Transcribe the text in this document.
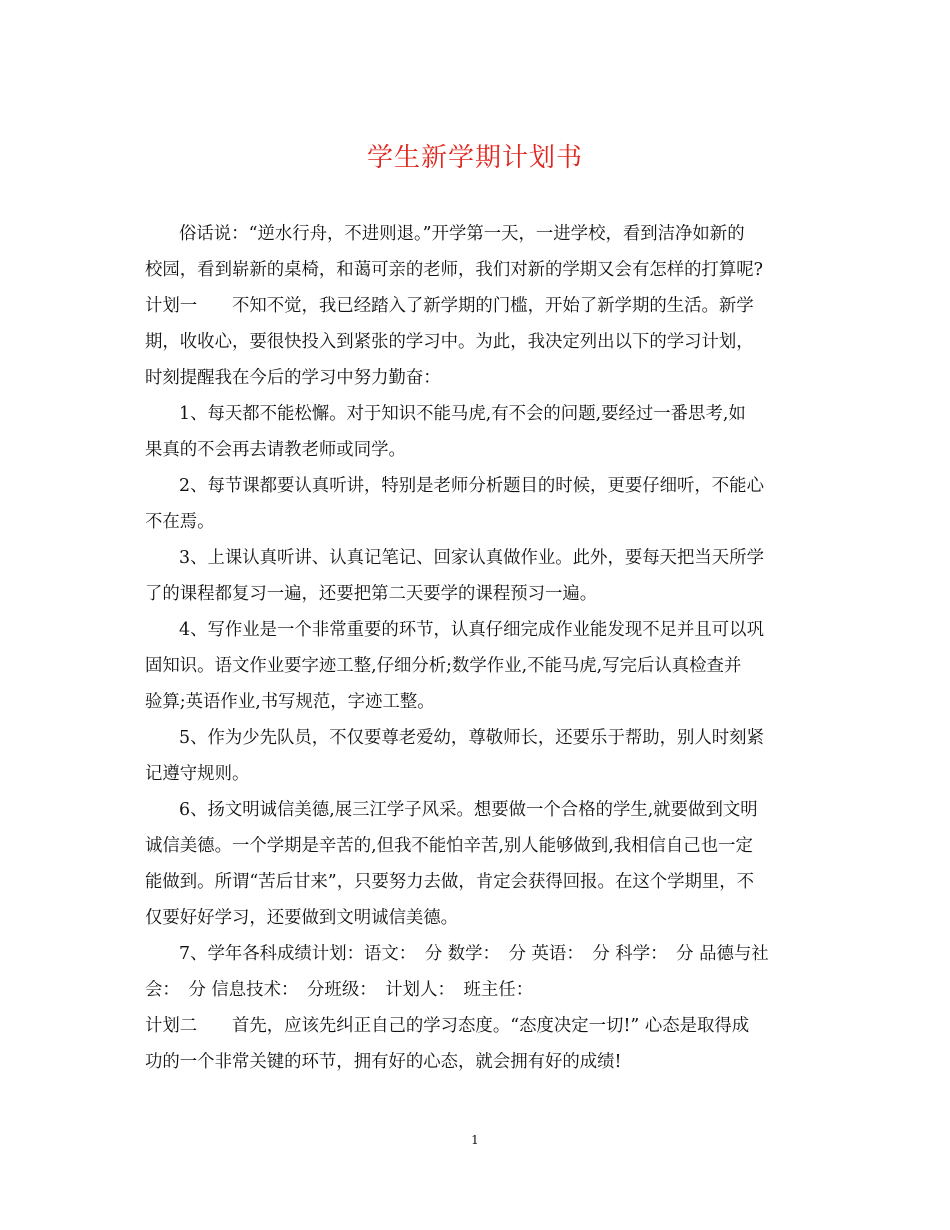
学生新学期计划书
俗话说：“逆水行舟，不进则退。”开学第一天，一进学校，看到洁净如新的
校园，看到崭新的桌椅，和蔼可亲的老师，我们对新的学期又会有怎样的打算呢?
计划一　　不知不觉，我已经踏入了新学期的门槛，开始了新学期的生活。新学
期，收收心，要很快投入到紧张的学习中。为此，我决定列出以下的学习计划，
时刻提醒我在今后的学习中努力勤奋：
1、每天都不能松懈。对于知识不能马虎,有不会的问题,要经过一番思考,如
果真的不会再去请教老师或同学。
2、每节课都要认真听讲，特别是老师分析题目的时候，更要仔细听，不能心
不在焉。
3、上课认真听讲、认真记笔记、回家认真做作业。此外，要每天把当天所学
了的课程都复习一遍，还要把第二天要学的课程预习一遍。
4、写作业是一个非常重要的环节，认真仔细完成作业能发现不足并且可以巩
固知识。语文作业要字迹工整,仔细分析;数学作业,不能马虎,写完后认真检查并
验算;英语作业,书写规范，字迹工整。
5、作为少先队员，不仅要尊老爱幼，尊敬师长，还要乐于帮助，别人时刻紧
记遵守规则。
6、扬文明诚信美德,展三江学子风采。想要做一个合格的学生,就要做到文明
诚信美德。一个学期是辛苦的,但我不能怕辛苦,别人能够做到,我相信自己也一定
能做到。所谓“苦后甘来”，只要努力去做，肯定会获得回报。在这个学期里，不
仅要好好学习，还要做到文明诚信美德。
7、学年各科成绩计划：语文：　分 数学：　分 英语：　分 科学：　分 品德与社
会：　分 信息技术：　分班级：　计划人：　班主任：
计划二　　首先，应该先纠正自己的学习态度。“态度决定一切!” 心态是取得成
功的一个非常关键的环节，拥有好的心态，就会拥有好的成绩!
1
